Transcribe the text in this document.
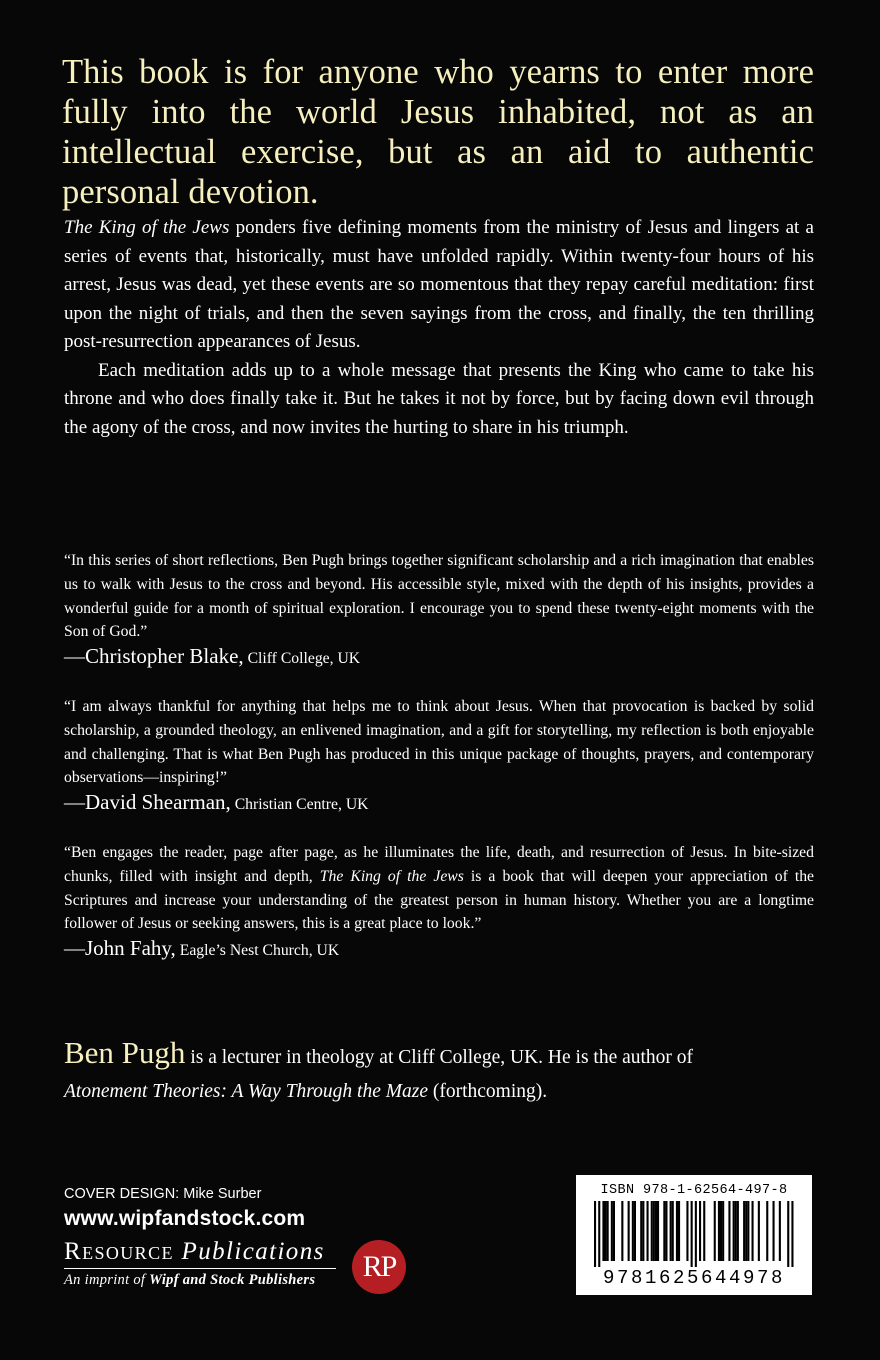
This book is for anyone who yearns to enter more fully into the world Jesus inhabited, not as an intellectual exercise, but as an aid to authentic personal devotion.

The King of the Jews ponders five defining moments from the ministry of Jesus and lingers at a series of events that, historically, must have unfolded rapidly. Within twenty-four hours of his arrest, Jesus was dead, yet these events are so momentous that they repay careful meditation: first upon the night of trials, and then the seven sayings from the cross, and finally, the ten thrilling post-resurrection appearances of Jesus.

Each meditation adds up to a whole message that presents the King who came to take his throne and who does finally take it. But he takes it not by force, but by facing down evil through the agony of the cross, and now invites the hurting to share in his triumph.

“In this series of short reflections, Ben Pugh brings together significant scholarship and a rich imagination that enables us to walk with Jesus to the cross and beyond. His accessible style, mixed with the depth of his insights, provides a wonderful guide for a month of spiritual exploration. I encourage you to spend these twenty-eight moments with the Son of God.”

—Christopher Blake, Cliff College, UK

“I am always thankful for anything that helps me to think about Jesus. When that provocation is backed by solid scholarship, a grounded theology, an enlivened imagination, and a gift for storytelling, my reflection is both enjoyable and challenging. That is what Ben Pugh has produced in this unique package of thoughts, prayers, and contemporary observations—inspiring!”

—David Shearman, Christian Centre, UK

“Ben engages the reader, page after page, as he illuminates the life, death, and resurrection of Jesus. In bite-sized chunks, filled with insight and depth, The King of the Jews is a book that will deepen your appreciation of the Scriptures and increase your understanding of the greatest person in human history. Whether you are a longtime follower of Jesus or seeking answers, this is a great place to look.”

—John Fahy, Eagle’s Nest Church, UK

Ben Pugh is a lecturer in theology at Cliff College, UK. He is the author of

Atonement Theories: A Way Through the Maze (forthcoming).

COVER DESIGN: Mike Surber
www.wipfandstock.com
Resource Publications
An imprint of Wipf and Stock Publishers	RP
ISBN 978-1-62564-497-8
9781625644978
